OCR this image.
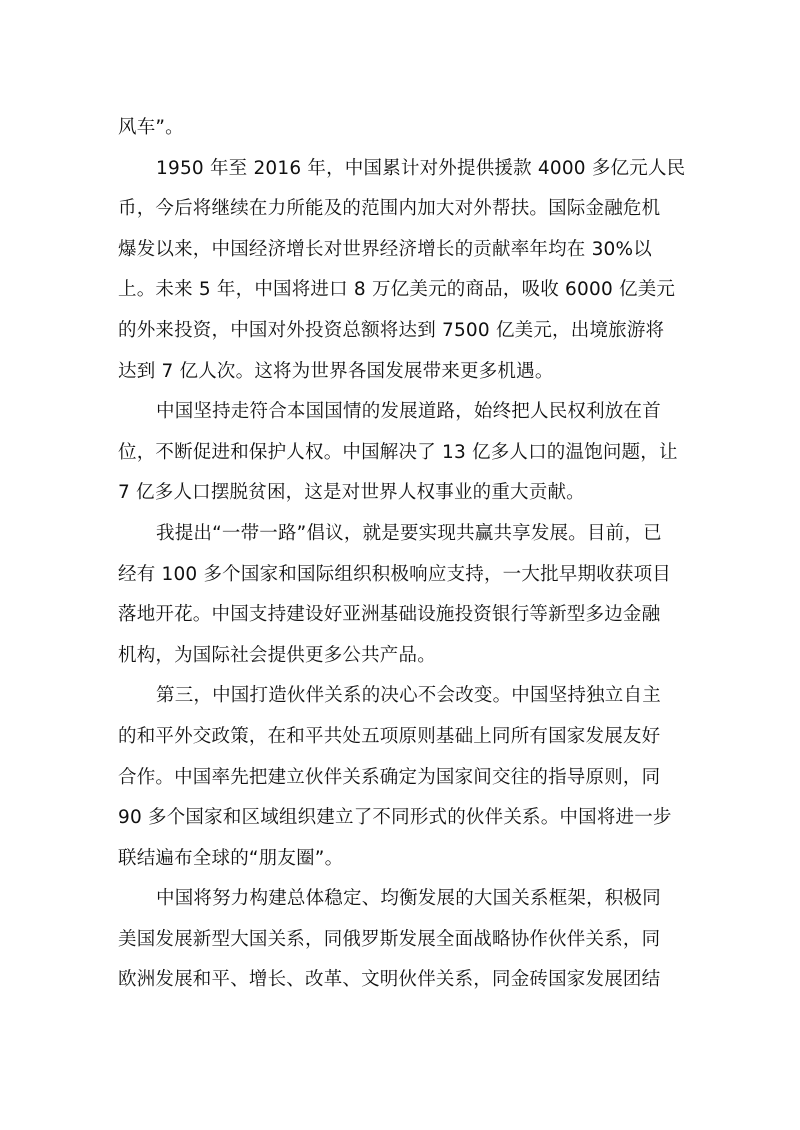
风车”。
1950 年至 2016 年，中国累计对外提供援款 4000 多亿元人民
币，今后将继续在力所能及的范围内加大对外帮扶。国际金融危机
爆发以来，中国经济增长对世界经济增长的贡献率年均在 30%以
上。未来 5 年，中国将进口 8 万亿美元的商品，吸收 6000 亿美元
的外来投资，中国对外投资总额将达到 7500 亿美元，出境旅游将
达到 7 亿人次。这将为世界各国发展带来更多机遇。
中国坚持走符合本国国情的发展道路，始终把人民权利放在首
位，不断促进和保护人权。中国解决了 13 亿多人口的温饱问题，让
7 亿多人口摆脱贫困，这是对世界人权事业的重大贡献。
我提出“一带一路”倡议，就是要实现共赢共享发展。目前，已
经有 100 多个国家和国际组织积极响应支持，一大批早期收获项目
落地开花。中国支持建设好亚洲基础设施投资银行等新型多边金融
机构，为国际社会提供更多公共产品。
第三，中国打造伙伴关系的决心不会改变。中国坚持独立自主
的和平外交政策，在和平共处五项原则基础上同所有国家发展友好
合作。中国率先把建立伙伴关系确定为国家间交往的指导原则，同
90 多个国家和区域组织建立了不同形式的伙伴关系。中国将进一步
联结遍布全球的“朋友圈”。
中国将努力构建总体稳定、均衡发展的大国关系框架，积极同
美国发展新型大国关系，同俄罗斯发展全面战略协作伙伴关系，同
欧洲发展和平、增长、改革、文明伙伴关系，同金砖国家发展团结
